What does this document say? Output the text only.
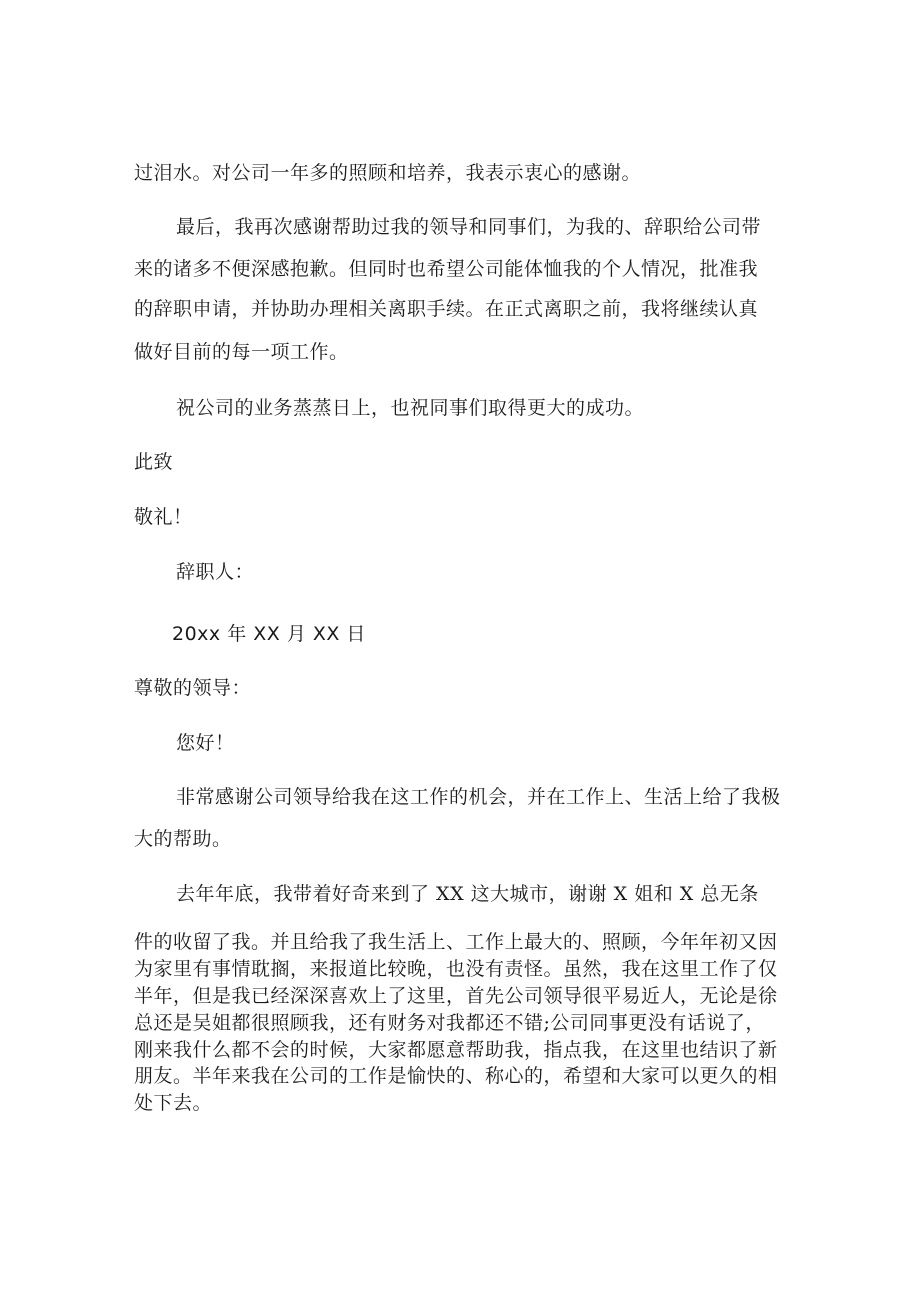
过泪水。对公司一年多的照顾和培养，我表示衷心的感谢。
最后，我再次感谢帮助过我的领导和同事们，为我的、辞职给公司带
来的诸多不便深感抱歉。但同时也希望公司能体恤我的个人情况，批准我
的辞职申请，并协助办理相关离职手续。在正式离职之前，我将继续认真
做好目前的每一项工作。
祝公司的业务蒸蒸日上，也祝同事们取得更大的成功。
此致
敬礼！
辞职人：
20xx 年 XX 月 XX 日
尊敬的领导：
您好！
非常感谢公司领导给我在这工作的机会，并在工作上、生活上给了我极
大的帮助。
去年年底，我带着好奇来到了 XX 这大城市，谢谢 X 姐和 X 总无条
件的收留了我。并且给我了我生活上、工作上最大的、照顾，今年年初又因
为家里有事情耽搁，来报道比较晚，也没有责怪。虽然，我在这里工作了仅
半年，但是我已经深深喜欢上了这里，首先公司领导很平易近人，无论是徐
总还是吴姐都很照顾我，还有财务对我都还不错;公司同事更没有话说了，
刚来我什么都不会的时候，大家都愿意帮助我，指点我，在这里也结识了新
朋友。半年来我在公司的工作是愉快的、称心的，希望和大家可以更久的相
处下去。
